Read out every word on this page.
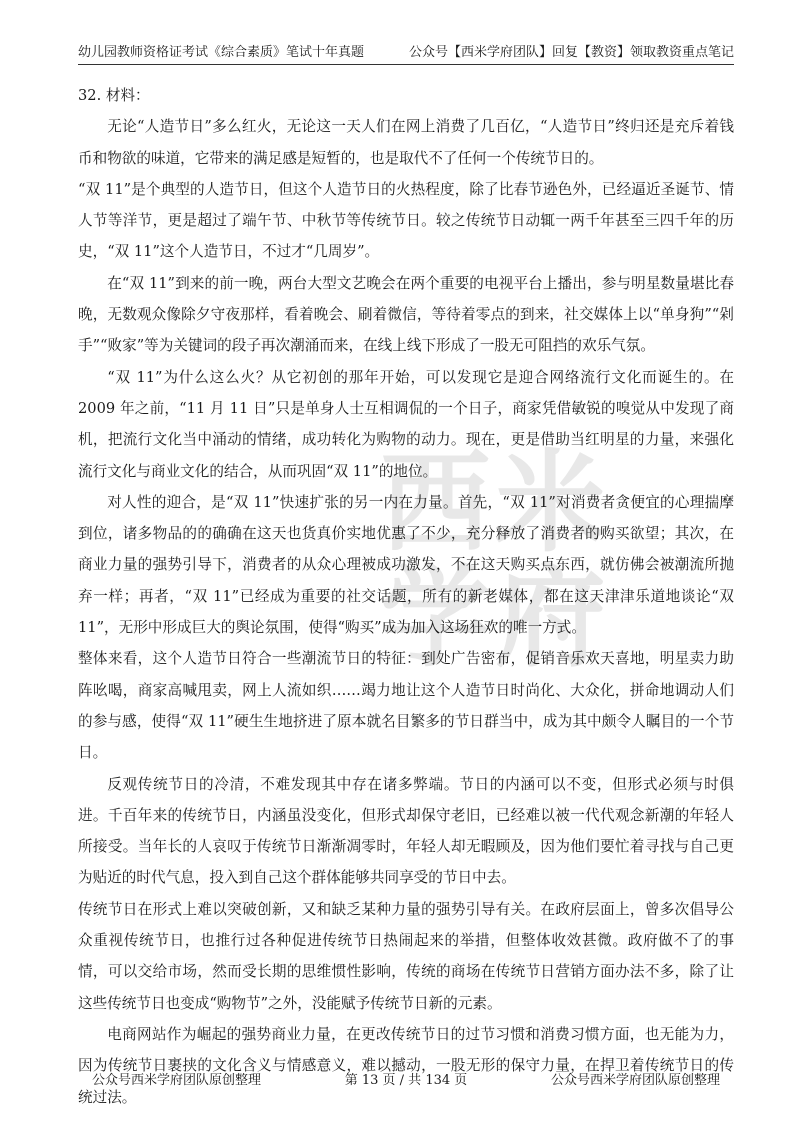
幼儿园教师资格证考试《综合素质》笔试十年真题	公众号【西米学府团队】回复【教资】领取教资重点笔记
西 米
学 府

32. 材料：

无论“人造节日”多么红火，无论这一天人们在网上消费了几百亿，“人造节日”终归还是充斥着钱币和物欲的味道，它带来的满足感是短暂的，也是取代不了任何一个传统节日的。

“双 11”是个典型的人造节日，但这个人造节日的火热程度，除了比春节逊色外，已经逼近圣诞节、情人节等洋节，更是超过了端午节、中秋节等传统节日。较之传统节日动辄一两千年甚至三四千年的历史，“双 11”这个人造节日，不过才“几周岁”。

在“双 11”到来的前一晚，两台大型文艺晚会在两个重要的电视平台上播出，参与明星数量堪比春晚，无数观众像除夕守夜那样，看着晚会、刷着微信，等待着零点的到来，社交媒体上以“单身狗”“剁手”“败家”等为关键词的段子再次潮涌而来，在线上线下形成了一股无可阻挡的欢乐气氛。

“双 11”为什么这么火？从它初创的那年开始，可以发现它是迎合网络流行文化而诞生的。在 2009 年之前，“11 月 11 日”只是单身人士互相调侃的一个日子，商家凭借敏锐的嗅觉从中发现了商机，把流行文化当中涌动的情绪，成功转化为购物的动力。现在，更是借助当红明星的力量，来强化流行文化与商业文化的结合，从而巩固“双 11”的地位。

对人性的迎合，是“双 11”快速扩张的另一内在力量。首先，“双 11”对消费者贪便宜的心理揣摩到位，诸多物品的的确确在这天也货真价实地优惠了不少，充分释放了消费者的购买欲望；其次，在商业力量的强势引导下，消费者的从众心理被成功激发，不在这天购买点东西，就仿佛会被潮流所抛弃一样；再者，“双 11”已经成为重要的社交话题，所有的新老媒体，都在这天津津乐道地谈论“双 11”，无形中形成巨大的舆论氛围，使得“购买”成为加入这场狂欢的唯一方式。

整体来看，这个人造节日符合一些潮流节日的特征：到处广告密布，促销音乐欢天喜地，明星卖力助阵吆喝，商家高喊甩卖，网上人流如织……竭力地让这个人造节日时尚化、大众化，拼命地调动人们的参与感，使得“双 11”硬生生地挤进了原本就名目繁多的节日群当中，成为其中颇令人瞩目的一个节日。

反观传统节日的冷清，不难发现其中存在诸多弊端。节日的内涵可以不变，但形式必须与时俱进。千百年来的传统节日，内涵虽没变化，但形式却保守老旧，已经难以被一代代观念新潮的年轻人所接受。当年长的人哀叹于传统节日渐渐凋零时，年轻人却无暇顾及，因为他们要忙着寻找与自己更为贴近的时代气息，投入到自己这个群体能够共同享受的节日中去。

传统节日在形式上难以突破创新，又和缺乏某种力量的强势引导有关。在政府层面上，曾多次倡导公众重视传统节日，也推行过各种促进传统节日热闹起来的举措，但整体收效甚微。政府做不了的事情，可以交给市场，然而受长期的思维惯性影响，传统的商场在传统节日营销方面办法不多，除了让这些传统节日也变成“购物节”之外，没能赋予传统节日新的元素。

电商网站作为崛起的强势商业力量，在更改传统节日的过节习惯和消费习惯方面，也无能为力，因为传统节日裹挟的文化含义与情感意义，难以撼动，一股无形的保守力量，在捍卫着传统节日的传统过法。

公众号西米学府团队原创整理	第 13 页 / 共 134 页	公众号西米学府团队原创整理
